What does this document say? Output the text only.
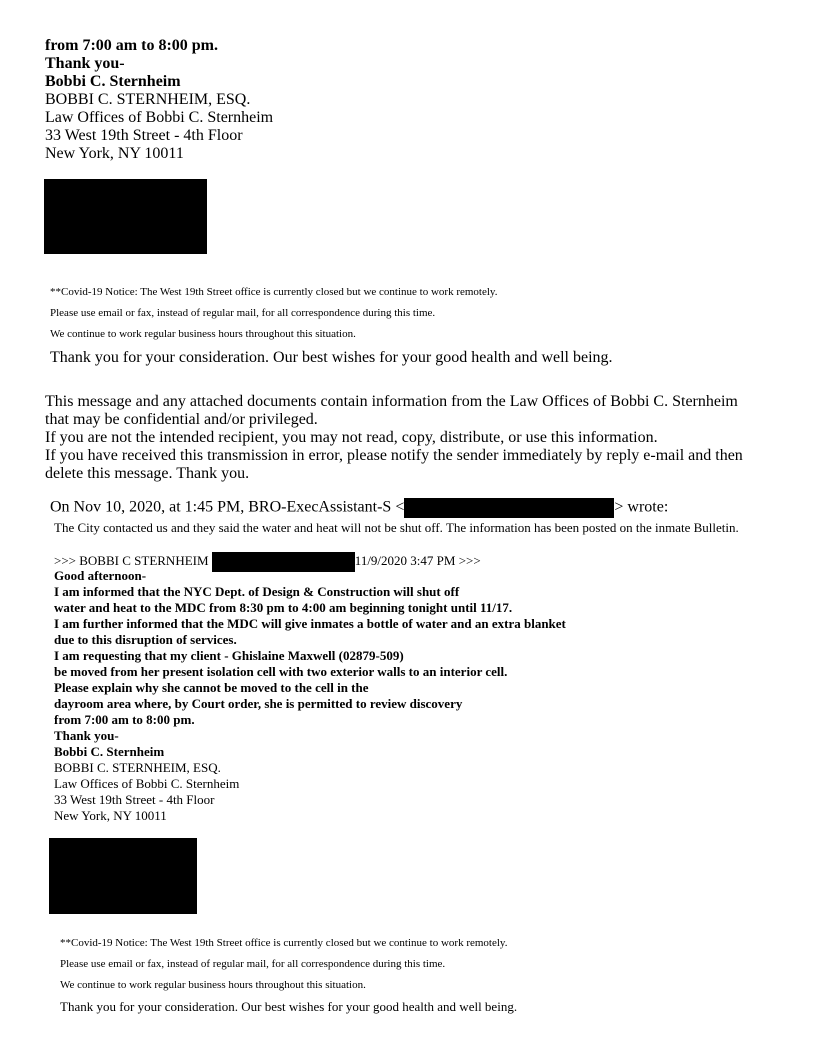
from 7:00 am to 8:00 pm.
Thank you-
Bobbi C. Sternheim
BOBBI C. STERNHEIM, ESQ.
Law Offices of Bobbi C. Sternheim
33 West 19th Street - 4th Floor
New York, NY 10011
**Covid-19 Notice: The West 19th Street office is currently closed but we continue to work remotely.
Please use email or fax, instead of regular mail, for all correspondence during this time.
We continue to work regular business hours throughout this situation.
Thank you for your consideration. Our best wishes for your good health and well being.
This message and any attached documents contain information from the Law Offices of Bobbi C. Sternheim
that may be confidential and/or privileged.
If you are not the intended recipient, you may not read, copy, distribute, or use this information.
If you have received this transmission in error, please notify the sender immediately by reply e-mail and then
delete this message. Thank you.
On Nov 10, 2020, at 1:45 PM, BRO-ExecAssistant-S <	> wrote:
The City contacted us and they said the water and heat will not be shut off. The information has been posted on the inmate Bulletin.
>>> BOBBI C STERNHEIM	11/9/2020 3:47 PM >>>
Good afternoon-
I am informed that the NYC Dept. of Design & Construction will shut off
water and heat to the MDC from 8:30 pm to 4:00 am beginning tonight until 11/17.
I am further informed that the MDC will give inmates a bottle of water and an extra blanket
due to this disruption of services.
I am requesting that my client - Ghislaine Maxwell (02879-509)
be moved from her present isolation cell with two exterior walls to an interior cell.
Please explain why she cannot be moved to the cell in the
dayroom area where, by Court order, she is permitted to review discovery
from 7:00 am to 8:00 pm.
Thank you-
Bobbi C. Sternheim
BOBBI C. STERNHEIM, ESQ.
Law Offices of Bobbi C. Sternheim
33 West 19th Street - 4th Floor
New York, NY 10011
**Covid-19 Notice: The West 19th Street office is currently closed but we continue to work remotely.
Please use email or fax, instead of regular mail, for all correspondence during this time.
We continue to work regular business hours throughout this situation.
Thank you for your consideration. Our best wishes for your good health and well being.
